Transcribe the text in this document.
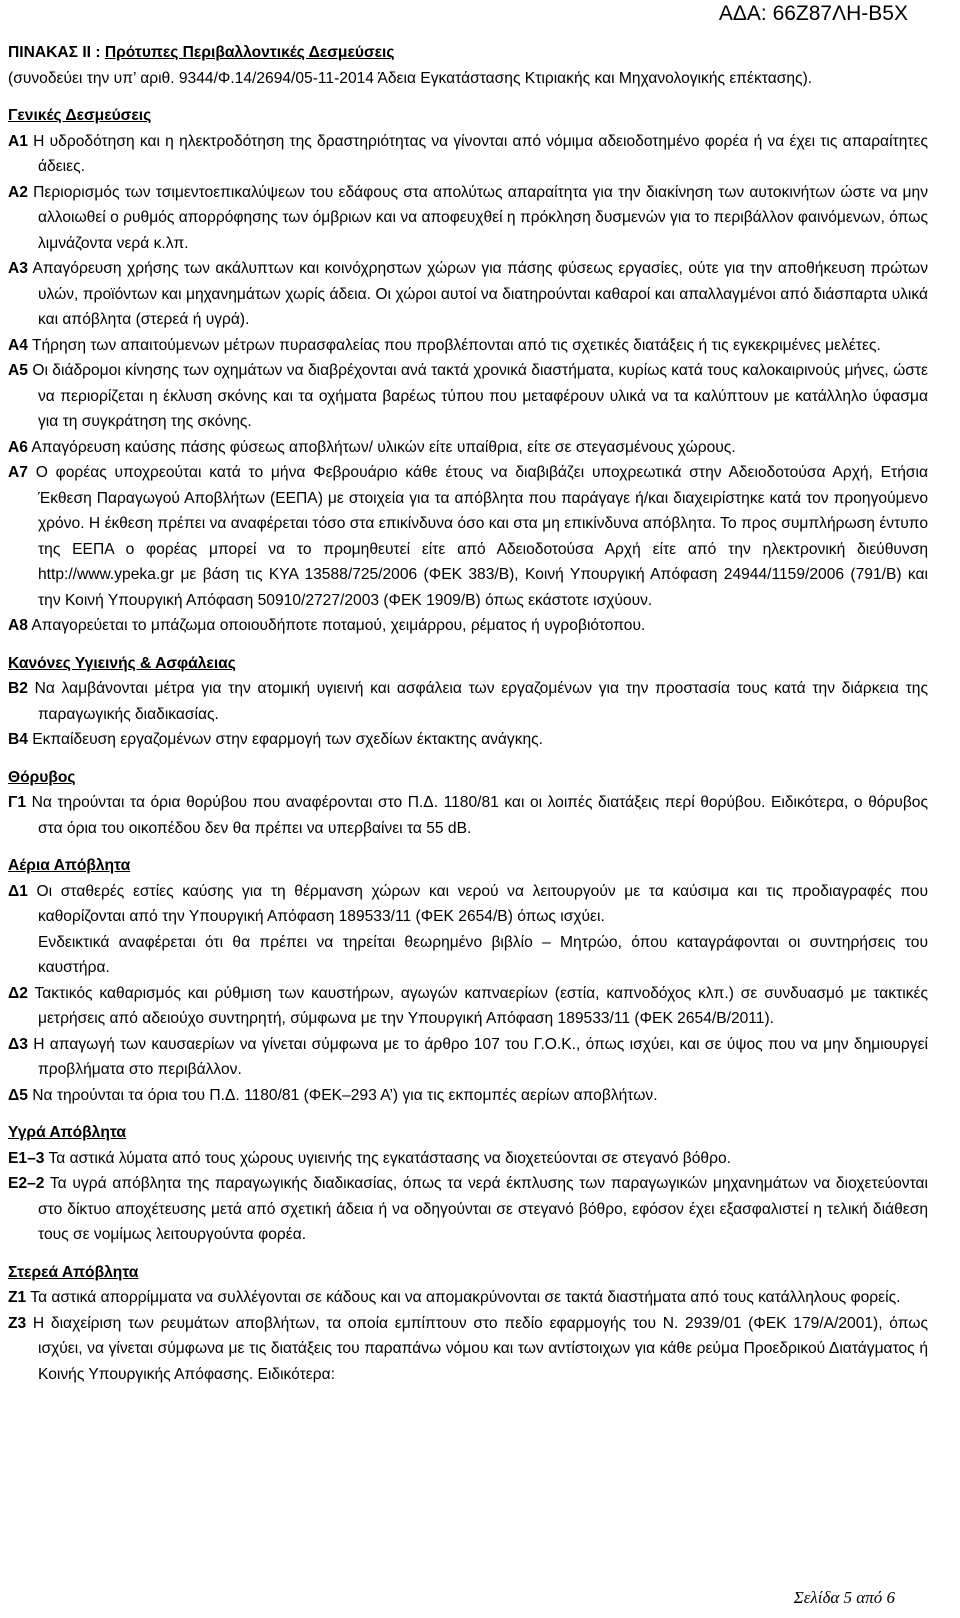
ΑΔΑ: 66Ζ87ΛΗ-Β5Χ
ΠΙΝΑΚΑΣ ΙΙ : Πρότυπες Περιβαλλοντικές Δεσμεύσεις
(συνοδεύει την υπ’ αριθ. 9344/Φ.14/2694/05-11-2014 Άδεια Εγκατάστασης Κτιριακής και Μηχανολογικής επέκτασης).
Γενικές Δεσμεύσεις
Α1 Η υδροδότηση και η ηλεκτροδότηση της δραστηριότητας να γίνονται από νόμιμα αδειοδοτημένο φορέα ή να έχει τις απαραίτητες άδειες.
Α2 Περιορισμός των τσιμεντοεπικαλύψεων του εδάφους στα απολύτως απαραίτητα για την διακίνηση των αυτοκινήτων ώστε να μην αλλοιωθεί ο ρυθμός απορρόφησης των όμβριων και να αποφευχθεί η πρόκληση δυσμενών για το περιβάλλον φαινόμενων, όπως λιμνάζοντα νερά κ.λπ.
Α3 Απαγόρευση χρήσης των ακάλυπτων και κοινόχρηστων χώρων για πάσης φύσεως εργασίες, ούτε για την αποθήκευση πρώτων υλών, προϊόντων και μηχανημάτων χωρίς άδεια. Οι χώροι αυτοί να διατηρούνται καθαροί και απαλλαγμένοι από διάσπαρτα υλικά και απόβλητα (στερεά ή υγρά).
Α4 Τήρηση των απαιτούμενων μέτρων πυρασφαλείας που προβλέπονται από τις σχετικές διατάξεις ή τις εγκεκριμένες μελέτες.
Α5 Οι διάδρομοι κίνησης των οχημάτων να διαβρέχονται ανά τακτά χρονικά διαστήματα, κυρίως κατά τους καλοκαιρινούς μήνες, ώστε να περιορίζεται η έκλυση σκόνης και τα οχήματα βαρέως τύπου που μεταφέρουν υλικά να τα καλύπτουν με κατάλληλο ύφασμα για τη συγκράτηση της σκόνης.
Α6 Απαγόρευση καύσης πάσης φύσεως αποβλήτων/ υλικών είτε υπαίθρια, είτε σε στεγασμένους χώρους.
Α7 Ο φορέας υποχρεούται κατά το μήνα Φεβρουάριο κάθε έτους να διαβιβάζει υποχρεωτικά στην Αδειοδοτούσα Αρχή, Ετήσια Έκθεση Παραγωγού Αποβλήτων (ΕΕΠΑ) με στοιχεία για τα απόβλητα που παράγαγε ή/και διαχειρίστηκε κατά τον προηγούμενο χρόνο. Η έκθεση πρέπει να αναφέρεται τόσο στα επικίνδυνα όσο και στα μη επικίνδυνα απόβλητα. Το προς συμπλήρωση έντυπο της ΕΕΠΑ ο φορέας μπορεί να το προμηθευτεί είτε από Αδειοδοτούσα Αρχή είτε από την ηλεκτρονική διεύθυνση http://www.ypeka.gr με βάση τις ΚΥΑ 13588/725/2006 (ΦΕΚ 383/Β), Κοινή Υπουργική Απόφαση 24944/1159/2006 (791/Β) και την Κοινή Υπουργική Απόφαση 50910/2727/2003 (ΦΕΚ 1909/Β) όπως εκάστοτε ισχύουν.
Α8 Απαγορεύεται το μπάζωμα οποιουδήποτε ποταμού, χειμάρρου, ρέματος ή υγροβιότοπου.
Κανόνες Υγιεινής & Ασφάλειας
Β2 Να λαμβάνονται μέτρα για την ατομική υγιεινή και ασφάλεια των εργαζομένων για την προστασία τους κατά την διάρκεια της παραγωγικής διαδικασίας.
Β4 Εκπαίδευση εργαζομένων στην εφαρμογή των σχεδίων έκτακτης ανάγκης.
Θόρυβος
Γ1 Να τηρούνται τα όρια θορύβου που αναφέρονται στο Π.Δ. 1180/81 και οι λοιπές διατάξεις περί θορύβου. Ειδικότερα, ο θόρυβος στα όρια του οικοπέδου δεν θα πρέπει να υπερβαίνει τα 55 dB.
Αέρια Απόβλητα
Δ1 Οι σταθερές εστίες καύσης για τη θέρμανση χώρων και νερού να λειτουργούν με τα καύσιμα και τις προδιαγραφές που καθορίζονται από την Υπουργική Απόφαση 189533/11 (ΦΕΚ 2654/Β) όπως ισχύει.
Ενδεικτικά αναφέρεται ότι θα πρέπει να τηρείται θεωρημένο βιβλίο – Μητρώο, όπου καταγράφονται οι συντηρήσεις του καυστήρα.
Δ2 Τακτικός καθαρισμός και ρύθμιση των καυστήρων, αγωγών καπναερίων (εστία, καπνοδόχος κλπ.) σε συνδυασμό με τακτικές μετρήσεις από αδειούχο συντηρητή, σύμφωνα με την Υπουργική Απόφαση 189533/11 (ΦΕΚ 2654/Β/2011).
Δ3 Η απαγωγή των καυσαερίων να γίνεται σύμφωνα με το άρθρο 107 του Γ.Ο.Κ., όπως ισχύει, και σε ύψος που να μην δημιουργεί προβλήματα στο περιβάλλον.
Δ5 Να τηρούνται τα όρια του Π.Δ. 1180/81 (ΦΕΚ–293 Α’) για τις εκπομπές αερίων αποβλήτων.
Υγρά Απόβλητα
Ε1–3 Τα αστικά λύματα από τους χώρους υγιεινής της εγκατάστασης να διοχετεύονται σε στεγανό βόθρο.
Ε2–2 Τα υγρά απόβλητα της παραγωγικής διαδικασίας, όπως τα νερά έκπλυσης των παραγωγικών μηχανημάτων να διοχετεύονται στο δίκτυο αποχέτευσης μετά από σχετική άδεια ή να οδηγούνται σε στεγανό βόθρο, εφόσον έχει εξασφαλιστεί η τελική διάθεση τους σε νομίμως λειτουργούντα φορέα.
Στερεά Απόβλητα
Ζ1 Τα αστικά απορρίμματα να συλλέγονται σε κάδους και να απομακρύνονται σε τακτά διαστήματα από τους κατάλληλους φορείς.
Ζ3 Η διαχείριση των ρευμάτων αποβλήτων, τα οποία εμπίπτουν στο πεδίο εφαρμογής του Ν. 2939/01 (ΦΕΚ 179/Α/2001), όπως ισχύει, να γίνεται σύμφωνα με τις διατάξεις του παραπάνω νόμου και των αντίστοιχων για κάθε ρεύμα Προεδρικού Διατάγματος ή Κοινής Υπουργικής Απόφασης. Ειδικότερα:
Σελίδα 5 από 6
